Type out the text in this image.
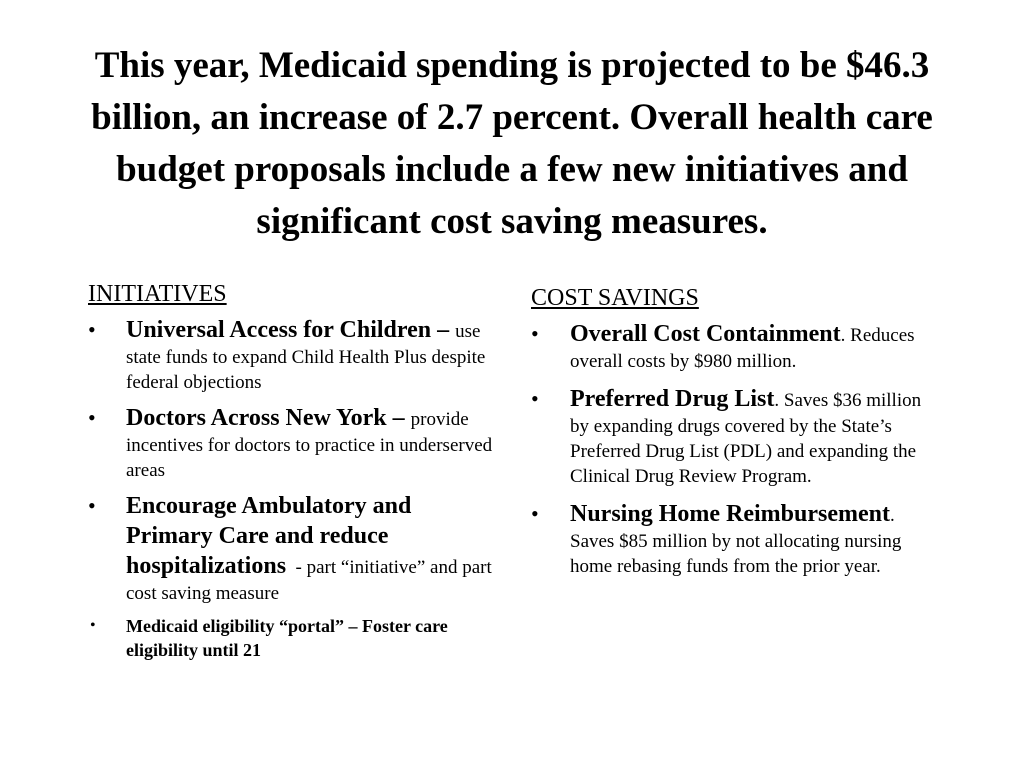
This year, Medicaid spending is projected to be $46.3 billion, an increase of 2.7 percent. Overall health care budget proposals include a few new initiatives and significant cost saving measures.
INITIATIVES
• Universal Access for Children – use state funds to expand Child Health Plus despite federal objections
• Doctors Across New York – provide incentives for doctors to practice in underserved areas
• Encourage Ambulatory and Primary Care and reduce hospitalizations - part “initiative” and part cost saving measure
• Medicaid eligibility “portal” – Foster care eligibility until 21
COST SAVINGS
• Overall Cost Containment. Reduces overall costs by $980 million.
• Preferred Drug List. Saves $36 million by expanding drugs covered by the State’s Preferred Drug List (PDL) and expanding the Clinical Drug Review Program.
• Nursing Home Reimbursement. Saves $85 million by not allocating nursing home rebasing funds from the prior year.
